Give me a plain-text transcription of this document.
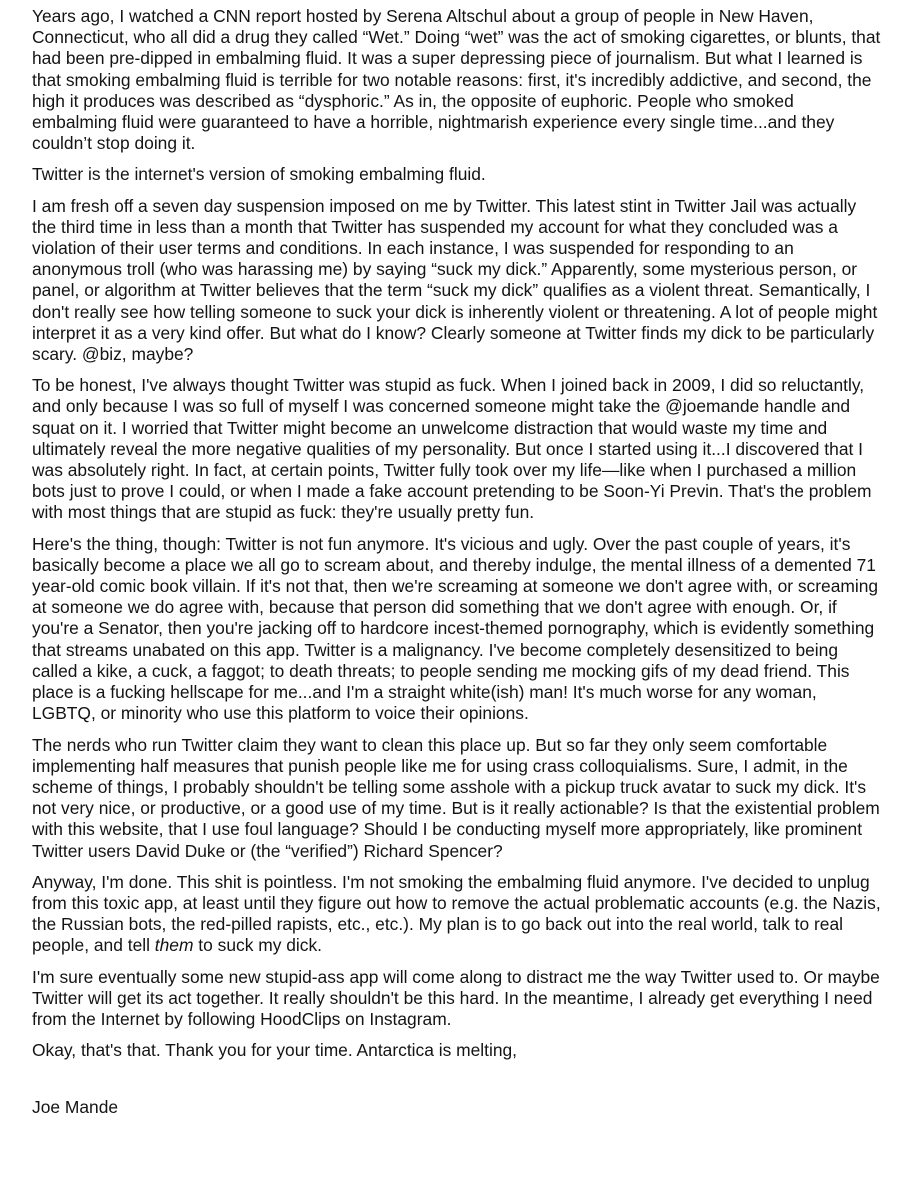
Years ago, I watched a CNN report hosted by Serena Altschul about a group of people in New Haven, Connecticut, who all did a drug they called “Wet.” Doing “wet” was the act of smoking cigarettes, or blunts, that had been pre-dipped in embalming fluid. It was a super depressing piece of journalism. But what I learned is that smoking embalming fluid is terrible for two notable reasons: first, it's incredibly addictive, and second, the high it produces was described as “dysphoric.” As in, the opposite of euphoric. People who smoked embalming fluid were guaranteed to have a horrible, nightmarish experience every single time...and they couldn’t stop doing it.

Twitter is the internet's version of smoking embalming fluid.

I am fresh off a seven day suspension imposed on me by Twitter. This latest stint in Twitter Jail was actually the third time in less than a month that Twitter has suspended my account for what they concluded was a violation of their user terms and conditions. In each instance, I was suspended for responding to an anonymous troll (who was harassing me) by saying “suck my dick.” Apparently, some mysterious person, or panel, or algorithm at Twitter believes that the term “suck my dick” qualifies as a violent threat. Semantically, I don't really see how telling someone to suck your dick is inherently violent or threatening. A lot of people might interpret it as a very kind offer. But what do I know? Clearly someone at Twitter finds my dick to be particularly scary. @biz, maybe?

To be honest, I've always thought Twitter was stupid as fuck. When I joined back in 2009, I did so reluctantly, and only because I was so full of myself I was concerned someone might take the @joemande handle and squat on it. I worried that Twitter might become an unwelcome distraction that would waste my time and ultimately reveal the more negative qualities of my personality. But once I started using it...I discovered that I was absolutely right. In fact, at certain points, Twitter fully took over my life—like when I purchased a million bots just to prove I could, or when I made a fake account pretending to be Soon-Yi Previn. That's the problem with most things that are stupid as fuck: they're usually pretty fun.

Here's the thing, though: Twitter is not fun anymore. It's vicious and ugly. Over the past couple of years, it's basically become a place we all go to scream about, and thereby indulge, the mental illness of a demented 71 year-old comic book villain. If it's not that, then we're screaming at someone we don't agree with, or screaming at someone we do agree with, because that person did something that we don't agree with enough. Or, if you're a Senator, then you're jacking off to hardcore incest-themed pornography, which is evidently something that streams unabated on this app. Twitter is a malignancy. I've become completely desensitized to being called a kike, a cuck, a faggot; to death threats; to people sending me mocking gifs of my dead friend. This place is a fucking hellscape for me...and I'm a straight white(ish) man! It's much worse for any woman, LGBTQ, or minority who use this platform to voice their opinions.

The nerds who run Twitter claim they want to clean this place up. But so far they only seem comfortable implementing half measures that punish people like me for using crass colloquialisms. Sure, I admit, in the scheme of things, I probably shouldn't be telling some asshole with a pickup truck avatar to suck my dick. It's not very nice, or productive, or a good use of my time. But is it really actionable? Is that the existential problem with this website, that I use foul language? Should I be conducting myself more appropriately, like prominent Twitter users David Duke or (the “verified”) Richard Spencer?

Anyway, I'm done. This shit is pointless. I'm not smoking the embalming fluid anymore. I've decided to unplug from this toxic app, at least until they figure out how to remove the actual problematic accounts (e.g. the Nazis, the Russian bots, the red-pilled rapists, etc., etc.). My plan is to go back out into the real world, talk to real people, and tell them to suck my dick.

I'm sure eventually some new stupid-ass app will come along to distract me the way Twitter used to. Or maybe Twitter will get its act together. It really shouldn't be this hard. In the meantime, I already get everything I need from the Internet by following HoodClips on Instagram.

Okay, that's that. Thank you for your time. Antarctica is melting,

Joe Mande
